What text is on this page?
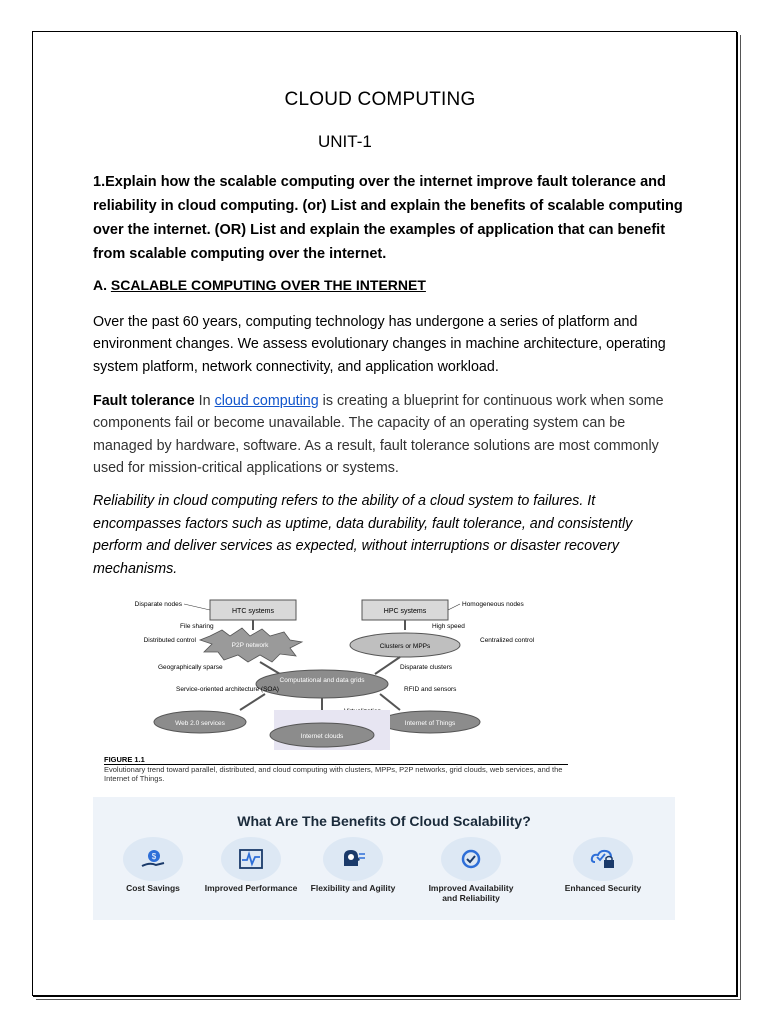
CLOUD COMPUTING
UNIT-1
1.Explain how the scalable computing over the internet improve fault tolerance and reliability in cloud computing. (or) List and explain the benefits of scalable computing over the internet. (OR) List and explain the examples of application that can benefit from scalable computing over the internet.
A. SCALABLE COMPUTING OVER THE INTERNET
Over the past 60 years, computing technology has undergone a series of platform and environment changes. We assess evolutionary changes in machine architecture, operating system platform, network connectivity, and application workload.
Fault tolerance In cloud computing is creating a blueprint for continuous work when some components fail or become unavailable. The capacity of an operating system can be managed by hardware, software. As a result, fault tolerance solutions are most commonly used for mission-critical applications or systems.
Reliability in cloud computing refers to the ability of a cloud system to failures. It encompasses factors such as uptime, data durability, fault tolerance, and consistently perform and deliver services as expected, without interruptions or disaster recovery mechanisms.
HTC systems	HPC systems
Disparate nodes	Homogeneous nodes
File sharing	High speed
P2P network	Clusters or MPPs
Distributed control	Centralized control
Geographically sparse	Disparate clusters
Computational and data grids
Service-oriented architecture (SOA)	RFID and sensors
Web 2.0 services	Internet of Things
Internet clouds
FIGURE 1.1
Evolutionary trend toward parallel, distributed, and cloud computing with clusters, MPPs, P2P networks, grid clouds, web services, and the Internet of Things.
What Are The Benefits Of Cloud Scalability?
$
Cost Savings	Improved Performance	Flexibility and Agility	Improved Availability and Reliability
Enhanced Security
